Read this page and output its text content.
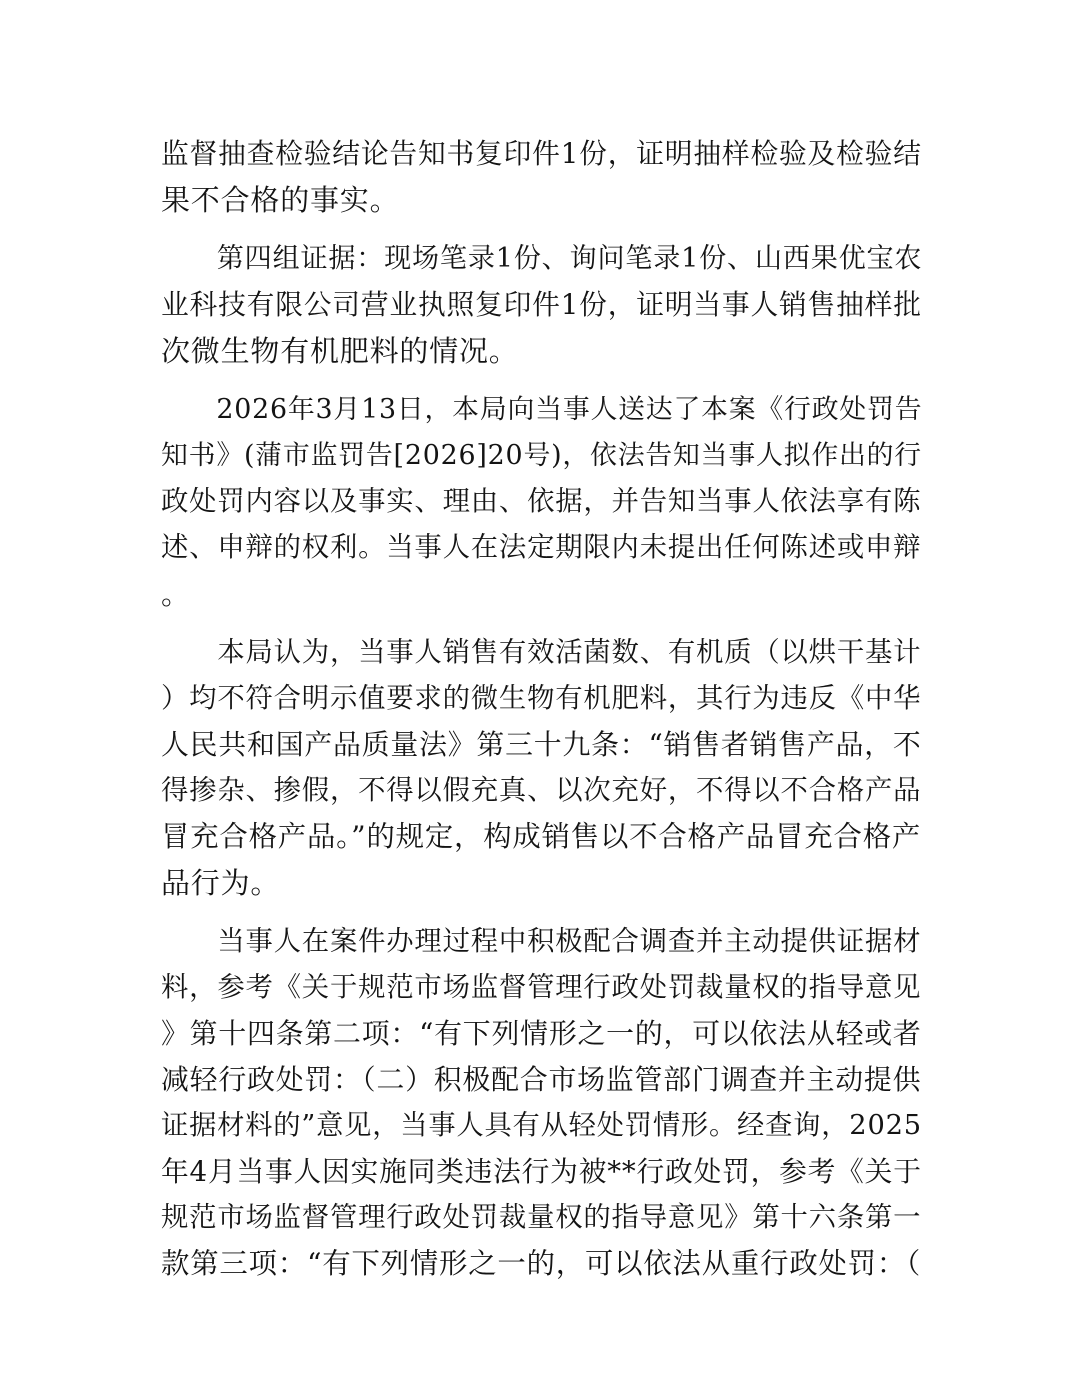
监督抽查检验结论告知书复印件1份，证明抽样检验及检验结
果不合格的事实。
　　第四组证据：现场笔录1份、询问笔录1份、山西果优宝农
业科技有限公司营业执照复印件1份，证明当事人销售抽样批
次微生物有机肥料的情况。
　　2026年3月13日，本局向当事人送达了本案《行政处罚告
知书》(蒲市监罚告[2026]20号)，依法告知当事人拟作出的行
政处罚内容以及事实、理由、依据，并告知当事人依法享有陈
述、申辩的权利。当事人在法定期限内未提出任何陈述或申辩
。
　　本局认为，当事人销售有效活菌数、有机质（以烘干基计
）均不符合明示值要求的微生物有机肥料，其行为违反《中华
人民共和国产品质量法》第三十九条：“销售者销售产品，不
得掺杂、掺假，不得以假充真、以次充好，不得以不合格产品
冒充合格产品。”的规定，构成销售以不合格产品冒充合格产
品行为。
　　当事人在案件办理过程中积极配合调查并主动提供证据材
料，参考《关于规范市场监督管理行政处罚裁量权的指导意见
》第十四条第二项：“有下列情形之一的，可以依法从轻或者
减轻行政处罚：（二）积极配合市场监管部门调查并主动提供
证据材料的”意见，当事人具有从轻处罚情形。经查询，2025
年4月当事人因实施同类违法行为被**行政处罚，参考《关于
规范市场监督管理行政处罚裁量权的指导意见》第十六条第一
款第三项：“有下列情形之一的，可以依法从重行政处罚：（
